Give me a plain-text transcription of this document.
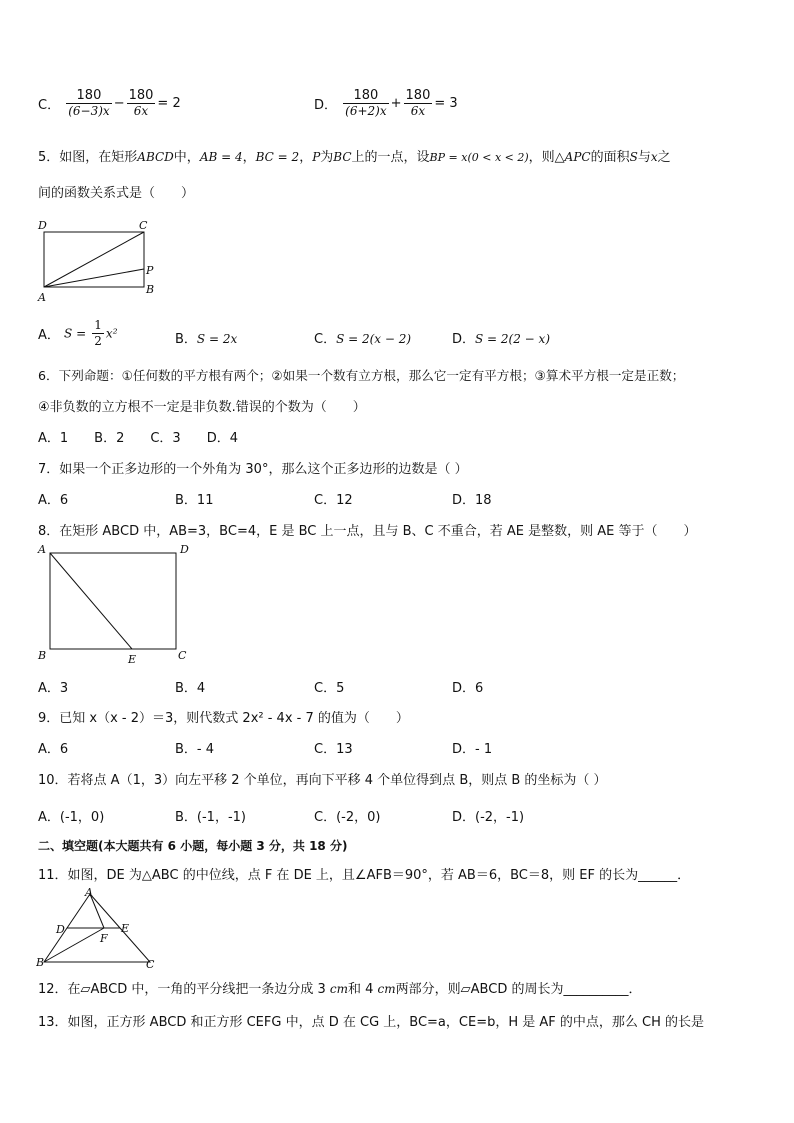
C． $\frac{180}{(6-3)x} - \frac{180}{6x} = 2$	D． $\frac{180}{(6+2)x} + \frac{180}{6x} = 3$
5．如图，在矩形ABCD中，AB = 4，BC = 2，P为BC上的一点，设BP = x(0 < x < 2)，则△APC的面积S与x之
间的函数关系式是（　　）
D	C
P
A
B
A． $S = \frac{1}{2} x^2$	B．S = 2x	C．S = 2(x − 2)	D．S = 2(2 − x)
6．下列命题：①任何数的平方根有两个；②如果一个数有立方根，那么它一定有平方根；③算术平方根一定是正数；
④非负数的立方根不一定是非负数.错误的个数为（　　）
A．1　　B．2　　C．3　　D．4
7．如果一个正多边形的一个外角为 30°，那么这个正多边形的边数是（ ）
A．6	B．11	C．12	D．18
8．在矩形 ABCD 中，AB=3，BC=4，E 是 BC 上一点，且与 B、C 不重合，若 AE 是整数，则 AE 等于（　　）
A	D
B	E	C
A．3	B．4	C．5	D．6
9．已知 x（x - 2）＝3，则代数式 2x² - 4x - 7 的值为（　　）
A．6	B．- 4	C．13	D．- 1
10．若将点 A（1，3）向左平移 2 个单位，再向下平移 4 个单位得到点 B，则点 B 的坐标为（ ）
A．(-1，0)	B．(-1，-1)	C．(-2，0)	D．(-2，-1)
二、填空题(本大题共有 6 小题，每小题 3 分，共 18 分)
11．如图，DE 为△ABC 的中位线，点 F 在 DE 上，且∠AFB＝90°，若 AB＝6，BC＝8，则 EF 的长为______．
A
D	E
F
B	C
12．在▱ABCD 中，一角的平分线把一条边分成 3 cm和 4 cm两部分，则▱ABCD 的周长为__________．
13．如图，正方形 ABCD 和正方形 CEFG 中，点 D 在 CG 上，BC=a，CE=b，H 是 AF 的中点，那么 CH 的长是
